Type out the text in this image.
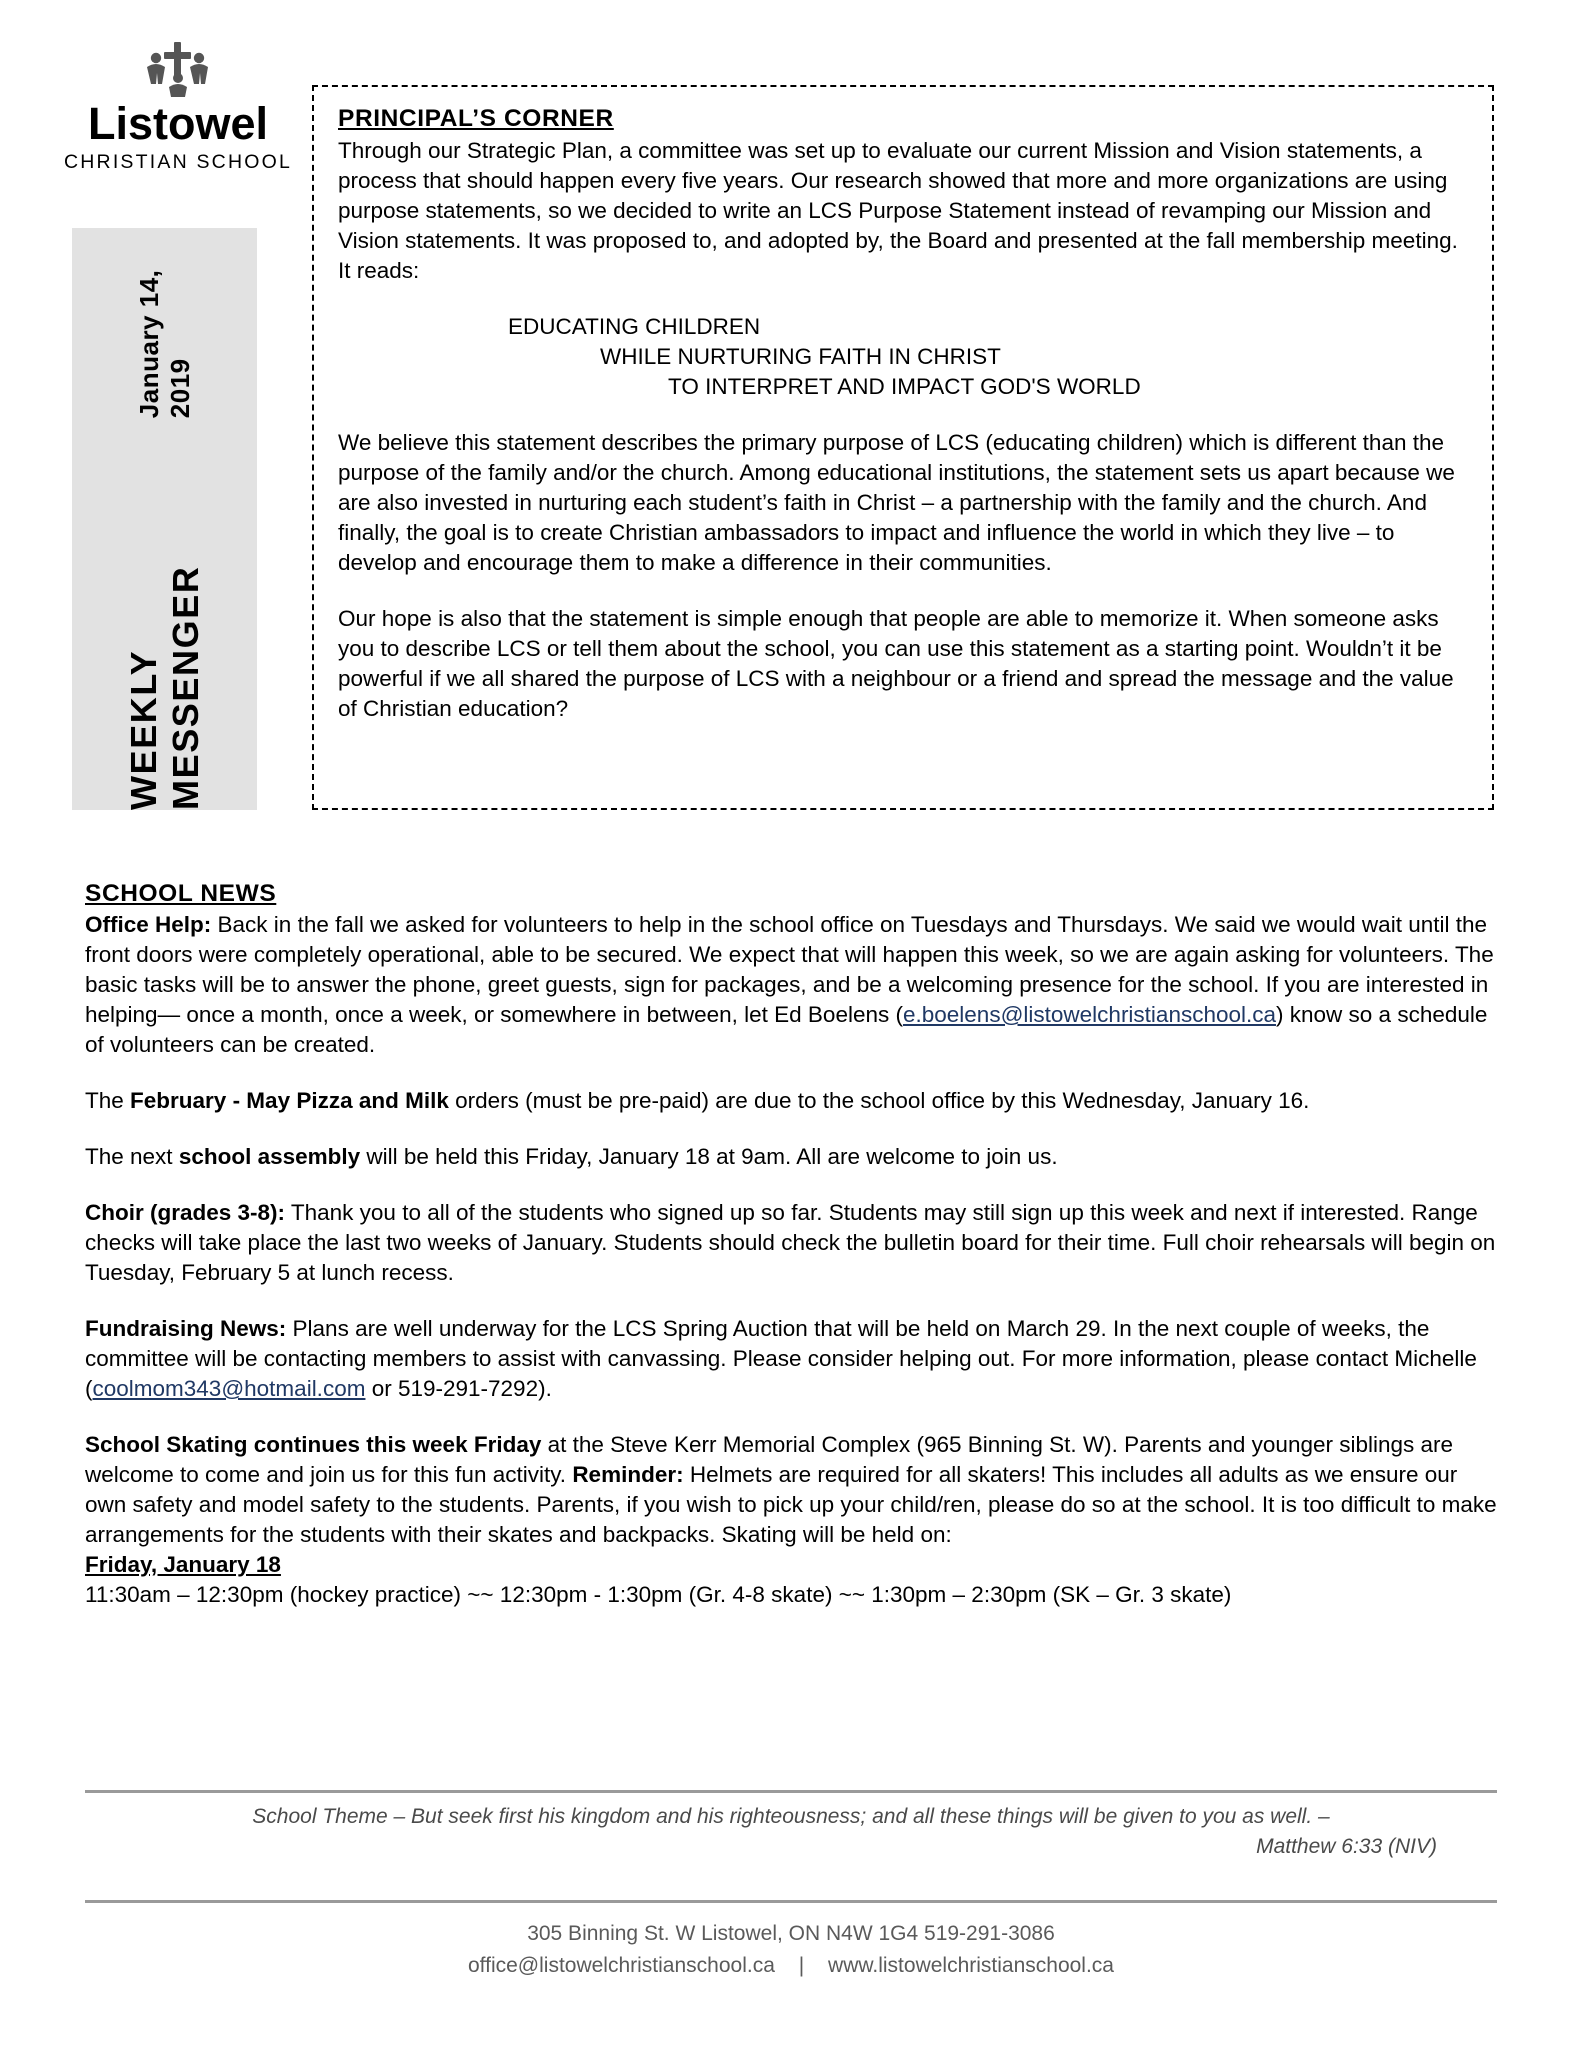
Listowel
CHRISTIAN SCHOOL
WEEKLY MESSENGER
January 14, 2019
PRINCIPAL’S CORNER
Through our Strategic Plan, a committee was set up to evaluate our current Mission and Vision statements, a process that should happen every five years. Our research showed that more and more organizations are using purpose statements, so we decided to write an LCS Purpose Statement instead of revamping our Mission and Vision statements. It was proposed to, and adopted by, the Board and presented at the fall membership meeting. It reads:
EDUCATING CHILDREN
WHILE NURTURING FAITH IN CHRIST
TO INTERPRET AND IMPACT GOD'S WORLD
We believe this statement describes the primary purpose of LCS (educating children) which is different than the purpose of the family and/or the church. Among educational institutions, the statement sets us apart because we are also invested in nurturing each student’s faith in Christ – a partnership with the family and the church. And finally, the goal is to create Christian ambassadors to impact and influence the world in which they live – to develop and encourage them to make a difference in their communities.
Our hope is also that the statement is simple enough that people are able to memorize it. When someone asks you to describe LCS or tell them about the school, you can use this statement as a starting point. Wouldn’t it be powerful if we all shared the purpose of LCS with a neighbour or a friend and spread the message and the value of Christian education?
SCHOOL NEWS

Office Help: Back in the fall we asked for volunteers to help in the school office on Tuesdays and Thursdays. We said we would wait until the front doors were completely operational, able to be secured. We expect that will happen this week, so we are again asking for volunteers. The basic tasks will be to answer the phone, greet guests, sign for packages, and be a welcoming presence for the school. If you are interested in helping— once a month, once a week, or somewhere in between, let Ed Boelens (e.boelens@listowelchristianschool.ca) know so a schedule of volunteers can be created.

The February - May Pizza and Milk orders (must be pre-paid) are due to the school office by this Wednesday, January 16.

The next school assembly will be held this Friday, January 18 at 9am. All are welcome to join us.

Choir (grades 3-8): Thank you to all of the students who signed up so far. Students may still sign up this week and next if interested. Range checks will take place the last two weeks of January. Students should check the bulletin board for their time. Full choir rehearsals will begin on Tuesday, February 5 at lunch recess.

Fundraising News: Plans are well underway for the LCS Spring Auction that will be held on March 29. In the next couple of weeks, the committee will be contacting members to assist with canvassing. Please consider helping out. For more information, please contact Michelle (coolmom343@hotmail.com or 519-291-7292).

School Skating continues this week Friday at the Steve Kerr Memorial Complex (965 Binning St. W). Parents and younger siblings are welcome to come and join us for this fun activity. Reminder: Helmets are required for all skaters! This includes all adults as we ensure our own safety and model safety to the students. Parents, if you wish to pick up your child/ren, please do so at the school. It is too difficult to make arrangements for the students with their skates and backpacks. Skating will be held on:

Friday, January 18

11:30am – 12:30pm (hockey practice) ~~ 12:30pm - 1:30pm (Gr. 4-8 skate) ~~ 1:30pm – 2:30pm (SK – Gr. 3 skate)

School Theme – But seek first his kingdom and his righteousness; and all these things will be given to you as well. –
Matthew 6:33 (NIV)
305 Binning St. W Listowel, ON N4W 1G4 519-291-3086
office@listowelchristianschool.ca | www.listowelchristianschool.ca
